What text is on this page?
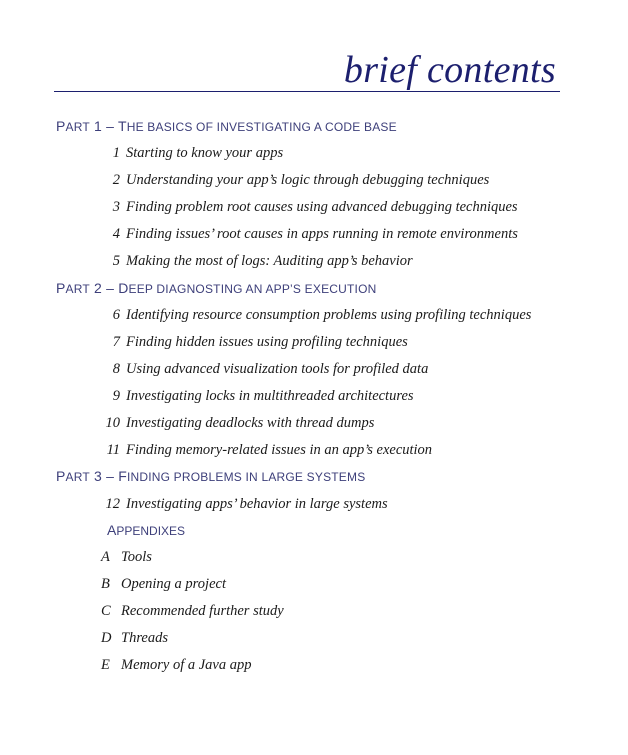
brief contents
PART 1 – THE BASICS OF INVESTIGATING A CODE BASE
1 Starting to know your apps
2 Understanding your app’s logic through debugging techniques
3 Finding problem root causes using advanced debugging techniques
4 Finding issues’ root causes in apps running in remote environments
5 Making the most of logs: Auditing app’s behavior
PART 2 – DEEP DIAGNOSTING AN APP’S EXECUTION
6 Identifying resource consumption problems using profiling techniques
7 Finding hidden issues using profiling techniques
8 Using advanced visualization tools for profiled data
9 Investigating locks in multithreaded architectures
10 Investigating deadlocks with thread dumps
11 Finding memory-related issues in an app’s execution
PART 3 – FINDING PROBLEMS IN LARGE SYSTEMS
12 Investigating apps’ behavior in large systems
APPENDIXES
A Tools
B Opening a project
C Recommended further study
D Threads
E Memory of a Java app
